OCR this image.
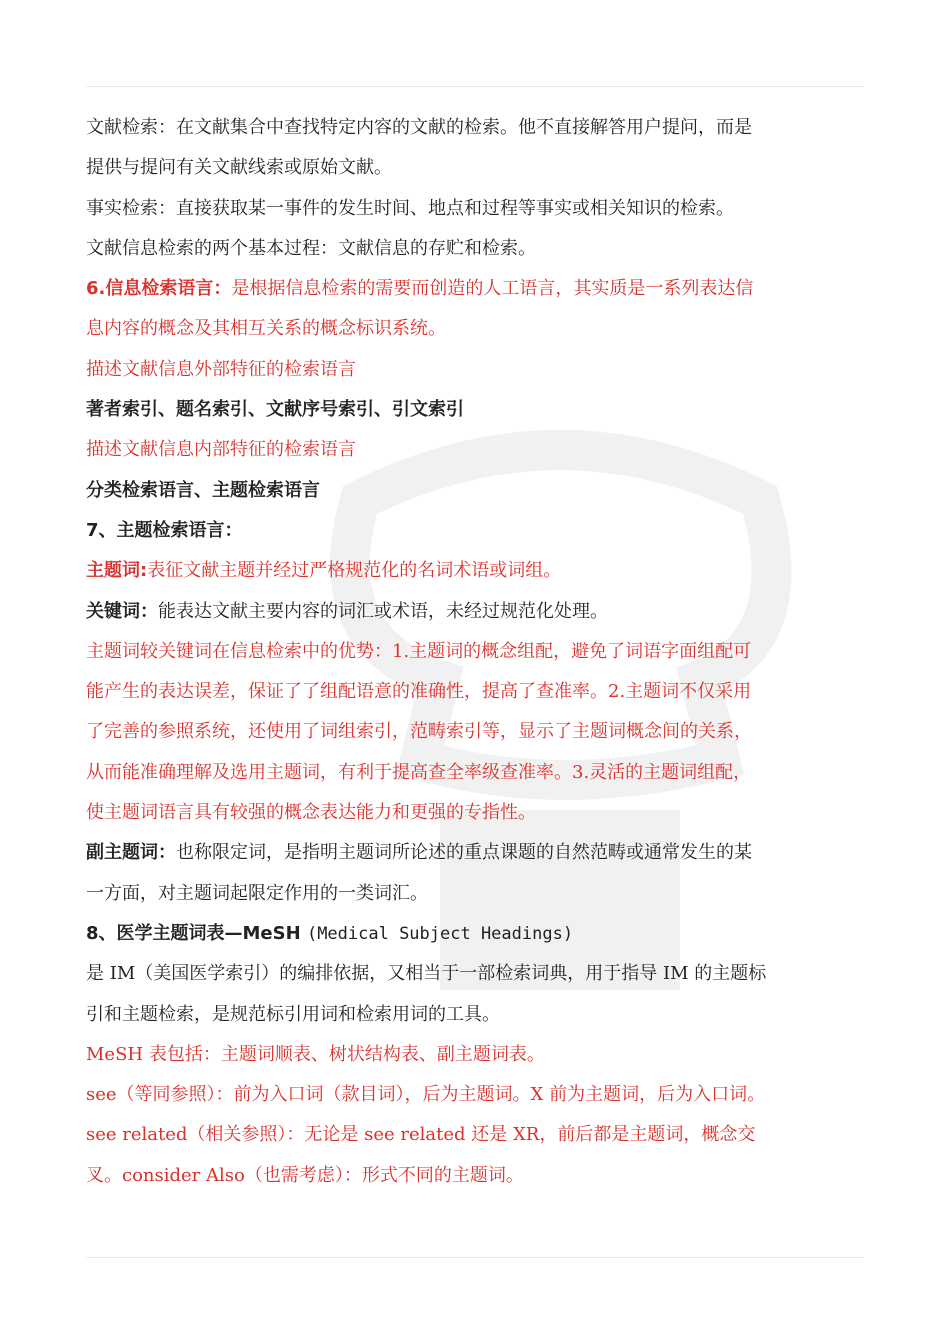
文献检索：在文献集合中查找特定内容的文献的检索。他不直接解答用户提问，而是
提供与提问有关文献线索或原始文献。
事实检索：直接获取某一事件的发生时间、地点和过程等事实或相关知识的检索。
文献信息检索的两个基本过程：文献信息的存贮和检索。
6.信息检索语言：是根据信息检索的需要而创造的人工语言，其实质是一系列表达信
息内容的概念及其相互关系的概念标识系统。
描述文献信息外部特征的检索语言
著者索引、题名索引、文献序号索引、引文索引
描述文献信息内部特征的检索语言
分类检索语言、主题检索语言
7、主题检索语言：
主题词:表征文献主题并经过严格规范化的名词术语或词组。
关键词：能表达文献主要内容的词汇或术语，未经过规范化处理。
主题词较关键词在信息检索中的优势：1.主题词的概念组配，避免了词语字面组配可
能产生的表达误差，保证了了组配语意的准确性，提高了查准率。2.主题词不仅采用
了完善的参照系统，还使用了词组索引，范畴索引等，显示了主题词概念间的关系，
从而能准确理解及选用主题词，有利于提高查全率级查准率。3.灵活的主题词组配，
使主题词语言具有较强的概念表达能力和更强的专指性。
副主题词：也称限定词，是指明主题词所论述的重点课题的自然范畴或通常发生的某
一方面，对主题词起限定作用的一类词汇。
8、医学主题词表—MeSH (Medical Subject Headings)
是 IM（美国医学索引）的编排依据，又相当于一部检索词典，用于指导 IM 的主题标
引和主题检索，是规范标引用词和检索用词的工具。
MeSH 表包括：主题词顺表、树状结构表、副主题词表。
see（等同参照）：前为入口词（款目词），后为主题词。X 前为主题词，后为入口词。
see related（相关参照）：无论是 see related 还是 XR，前后都是主题词，概念交
叉。consider Also（也需考虑）：形式不同的主题词。
